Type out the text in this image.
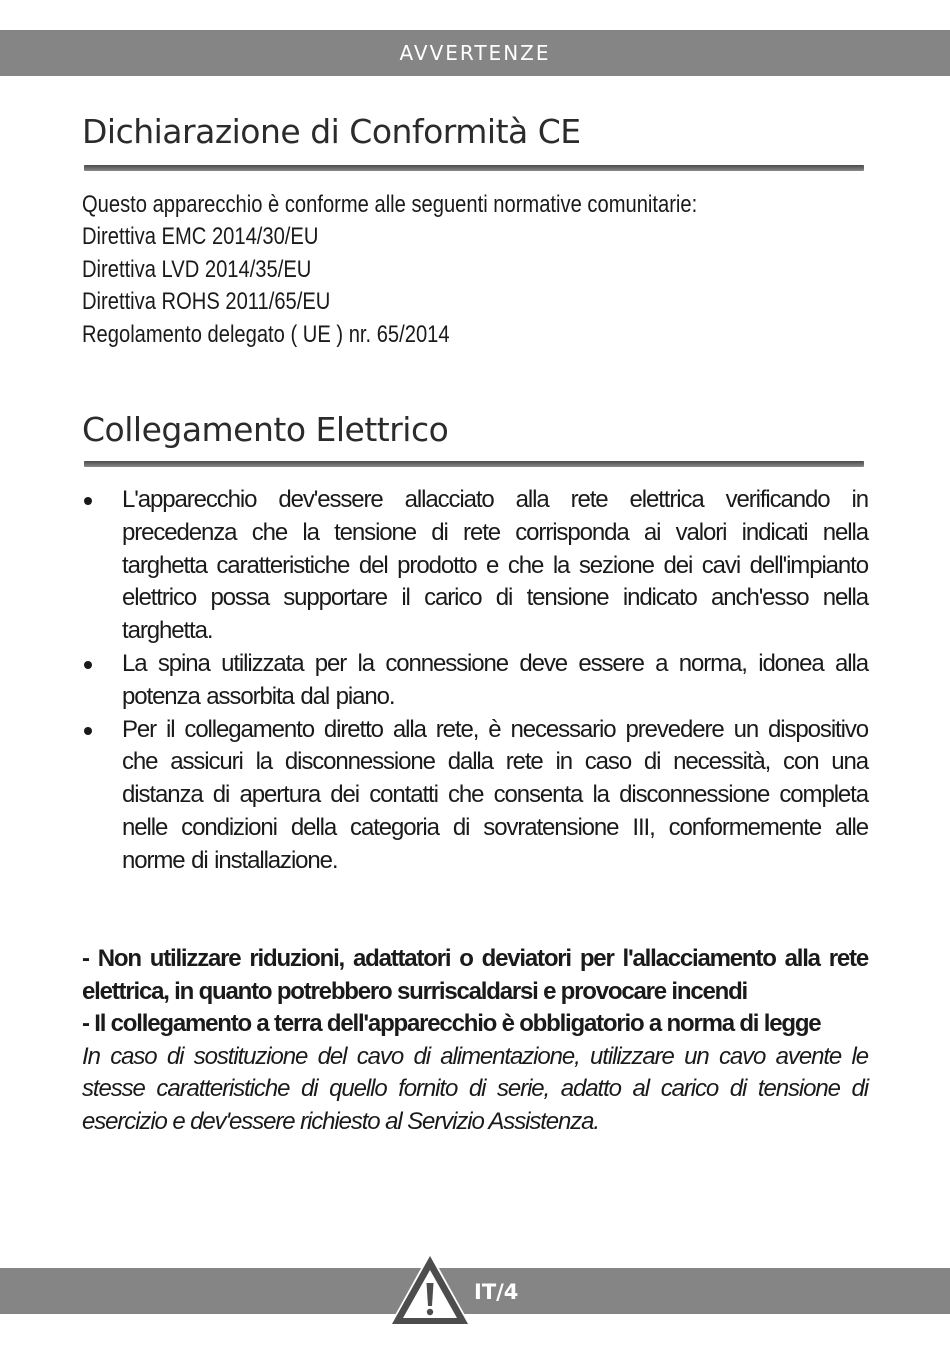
AVVERTENZE
Dichiarazione di Conformità CE
Questo apparecchio è conforme alle seguenti normative comunitarie:
Direttiva EMC 2014/30/EU
Direttiva LVD 2014/35/EU
Direttiva ROHS 2011/65/EU
Regolamento delegato ( UE ) nr. 65/2014
Collegamento Elettrico
L'apparecchio dev'essere allacciato alla rete elettrica verificando in precedenza che la tensione di rete corrisponda ai valori indicati nella targhetta caratteristiche del prodotto e che la sezione dei cavi dell'impianto elettrico possa supportare il carico di tensione indicato anch'esso nella targhetta.
La spina utilizzata per la connessione deve essere a norma, idonea alla potenza assorbita dal piano.
Per il collegamento diretto alla rete, è necessario prevedere un dispositivo che assicuri la disconnessione dalla rete in caso di necessità, con una distanza di apertura dei contatti che consenta la disconnessione completa nelle condizioni della categoria di sovratensione III, conformemente alle norme di installazione.
- Non utilizzare riduzioni, adattatori o deviatori per l'allacciamento alla rete elettrica, in quanto potrebbero surriscaldarsi e provocare incendi
- Il collegamento a terra dell'apparecchio è obbligatorio a norma di legge
In caso di sostituzione del cavo di alimentazione, utilizzare un cavo avente le stesse caratteristiche di quello fornito di serie, adatto al carico di tensione di esercizio e dev'essere richiesto al Servizio Assistenza.
IT/4
